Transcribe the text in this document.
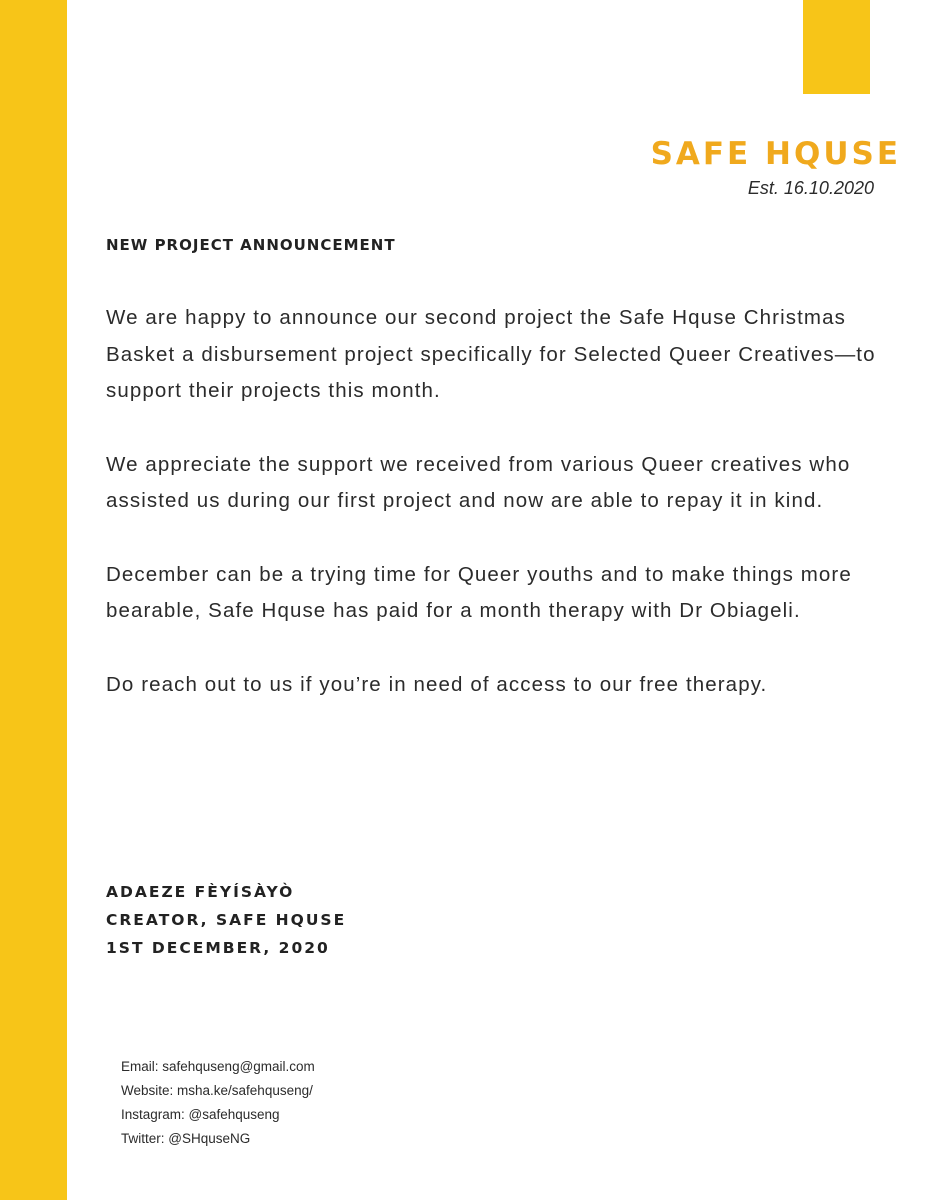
SAFE HQUSE
Est. 16.10.2020
NEW PROJECT ANNOUNCEMENT

We are happy to announce our second project the Safe Hquse Christmas Basket a disbursement project specifically for Selected Queer Creatives—to support their projects this month.

We appreciate the support we received from various Queer creatives who assisted us during our first project and now are able to repay it in kind.

December can be a trying time for Queer youths and to make things more bearable, Safe Hquse has paid for a month therapy with Dr Obiageli.

Do reach out to us if you’re in need of access to our free therapy.

ADAEZE FÈYÍSÀYÒ
CREATOR, SAFE HQUSE
1ST DECEMBER, 2020
Email: safehquseng@gmail.com
Website: msha.ke/safehquseng/
Instagram: @safehquseng
Twitter: @SHquseNG
